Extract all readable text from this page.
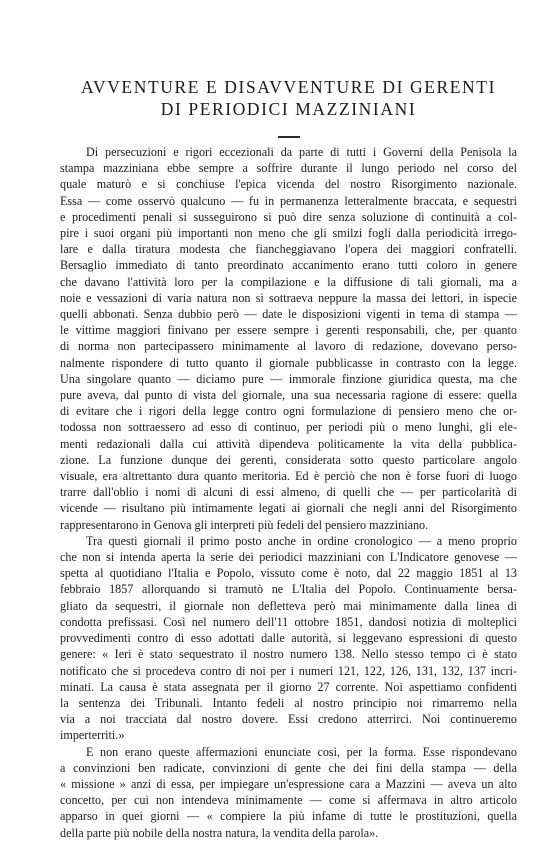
AVVENTURE E DISAVVENTURE DI GERENTI
DI PERIODICI MAZZINIANI

Di persecuzioni e rigori eccezionali da parte di tutti i Governi della Penisola la
stampa mazziniana ebbe sempre a soffrire durante il lungo periodo nel corso del
quale maturò e si conchiuse l'epica vicenda del nostro Risorgimento nazionale.
Essa — come osservò qualcuno — fu in permanenza letteralmente braccata, e sequestri
e procedimenti penali si susseguirono si può dire senza soluzione di continuità a col-
pire i suoi organi più importanti non meno che gli smilzi fogli dalla periodicità irrego-
lare e dalla tiratura modesta che fiancheggiavano l'opera dei maggiori confratelli.
Bersaglio immediato di tanto preordinato accanimento erano tutti coloro in genere
che davano l'attività loro per la compilazione e la diffusione di tali giornali, ma a
noie e vessazioni di varia natura non si sottraeva neppure la massa dei lettori, in ispecie
quelli abbonati. Senza dubbio però — date le disposizioni vigenti in tema di stampa —
le vittime maggiori finivano per essere sempre i gerenti responsabili, che, per quanto
di norma non partecipassero minimamente al lavoro di redazione, dovevano perso-
nalmente rispondere di tutto quanto il giornale pubblicasse in contrasto con la legge.
Una singolare quanto — diciamo pure — immorale finzione giuridica questa, ma che
pure aveva, dal punto di vista del giornale, una sua necessaria ragione di essere: quella
di evitare che i rigori della legge contro ogni formulazione di pensiero meno che or-
todossa non sottraessero ad esso di continuo, per periodi più o meno lunghi, gli ele-
menti redazionali dalla cui attività dipendeva politicamente la vita della pubblica-
zione. La funzione dunque dei gerenti, considerata sotto questo particolare angolo
visuale, era altrettanto dura quanto meritoria. Ed è perciò che non è forse fuori di luogo
trarre dall'oblio i nomi di alcuni di essi almeno, di quelli che — per particolarità di
vicende — risultano più intimamente legati ai giornali che negli anni del Risorgimento
rappresentarono in Genova gli interpreti più fedeli del pensiero mazziniano.

Tra questi giornali il primo posto anche in ordine cronologico — a meno proprio
che non si intenda aperta la serie dei periodici mazziniani con L'Indicatore genovese —
spetta al quotidiano l'Italia e Popolo, vissuto come è noto, dal 22 maggio 1851 al 13
febbraio 1857 allorquando si tramutò ne L'Italia del Popolo. Continuamente bersa-
gliato da sequestri, il giornale non deflettevа però mai minimamente dalla linea di
condotta prefissasi. Così nel numero dell'11 ottobre 1851, dandosi notizia di molteplici
provvedimenti contro di esso adottati dalle autorità, si leggevano espressioni di questo
genere: « Ieri è stato sequestrato il nostro numero 138. Nello stesso tempo ci è stato
notificato che si procedeva contro di noi per i numeri 121, 122, 126, 131, 132, 137 incri-
minati. La causa è stata assegnata per il giorno 27 corrente. Noi aspettiamo confidenti
la sentenza dei Tribunali. Intanto fedeli al nostro principio noi rimarremo nella
via a noi tracciata dal nostro dovere. Essi credono atterrirci. Noi continueremo
imperterriti.»

E non erano queste affermazioni enunciate così, per la forma. Esse rispondevano
a convinzioni ben radicate, convinzioni di gente che dei fini della stampa — della
« missione » anzi di essa, per impiegare un'espressione cara a Mazzini — aveva un alto
concetto, per cui non intendeva minimamente — come si affermava in altro articolo
apparso in quei giorni — « compiere la più infame di tutte le prostituzioni, quella
della parte più nobile della nostra natura, la vendita della parola».
